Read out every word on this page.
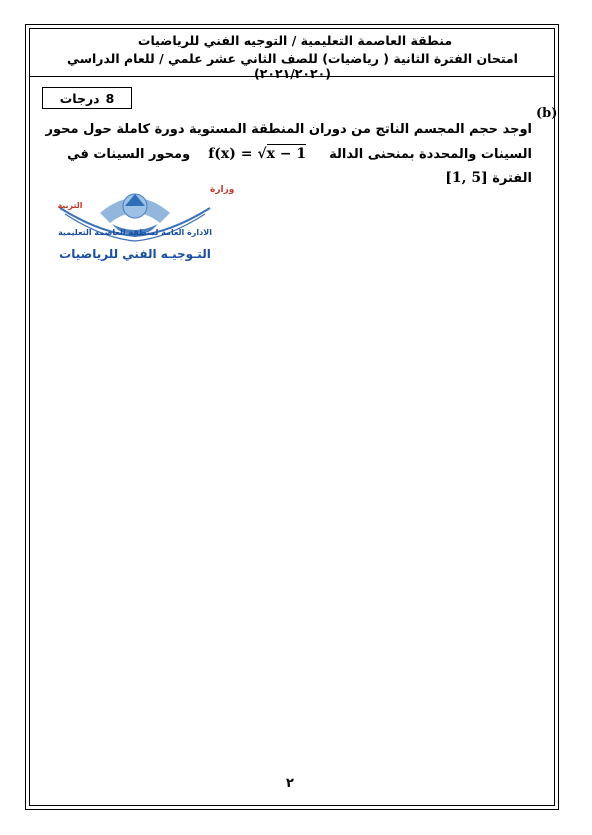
منطقة العاصمة التعليمية / التوجيه الفني للرياضيات
امتحان الفترة الثانية ( رياضيات) للصف الثاني عشر علمي / للعام الدراسي (٢٠٢١/٢٠٢٠)
8
درجات
(b)
اوجد حجم المجسم الناتج من دوران المنطقة المستوية دورة كاملة حول محور
السينات والمحددة بمنحنى الدالة    f(x) = √x − 1     ومحور السينات في
الفترة [1, 5]
وزارة
التربية
الادارة العامة لمنطقة العاصمة التعليمية
التـوجيـه الفني للرياضيات
٢
